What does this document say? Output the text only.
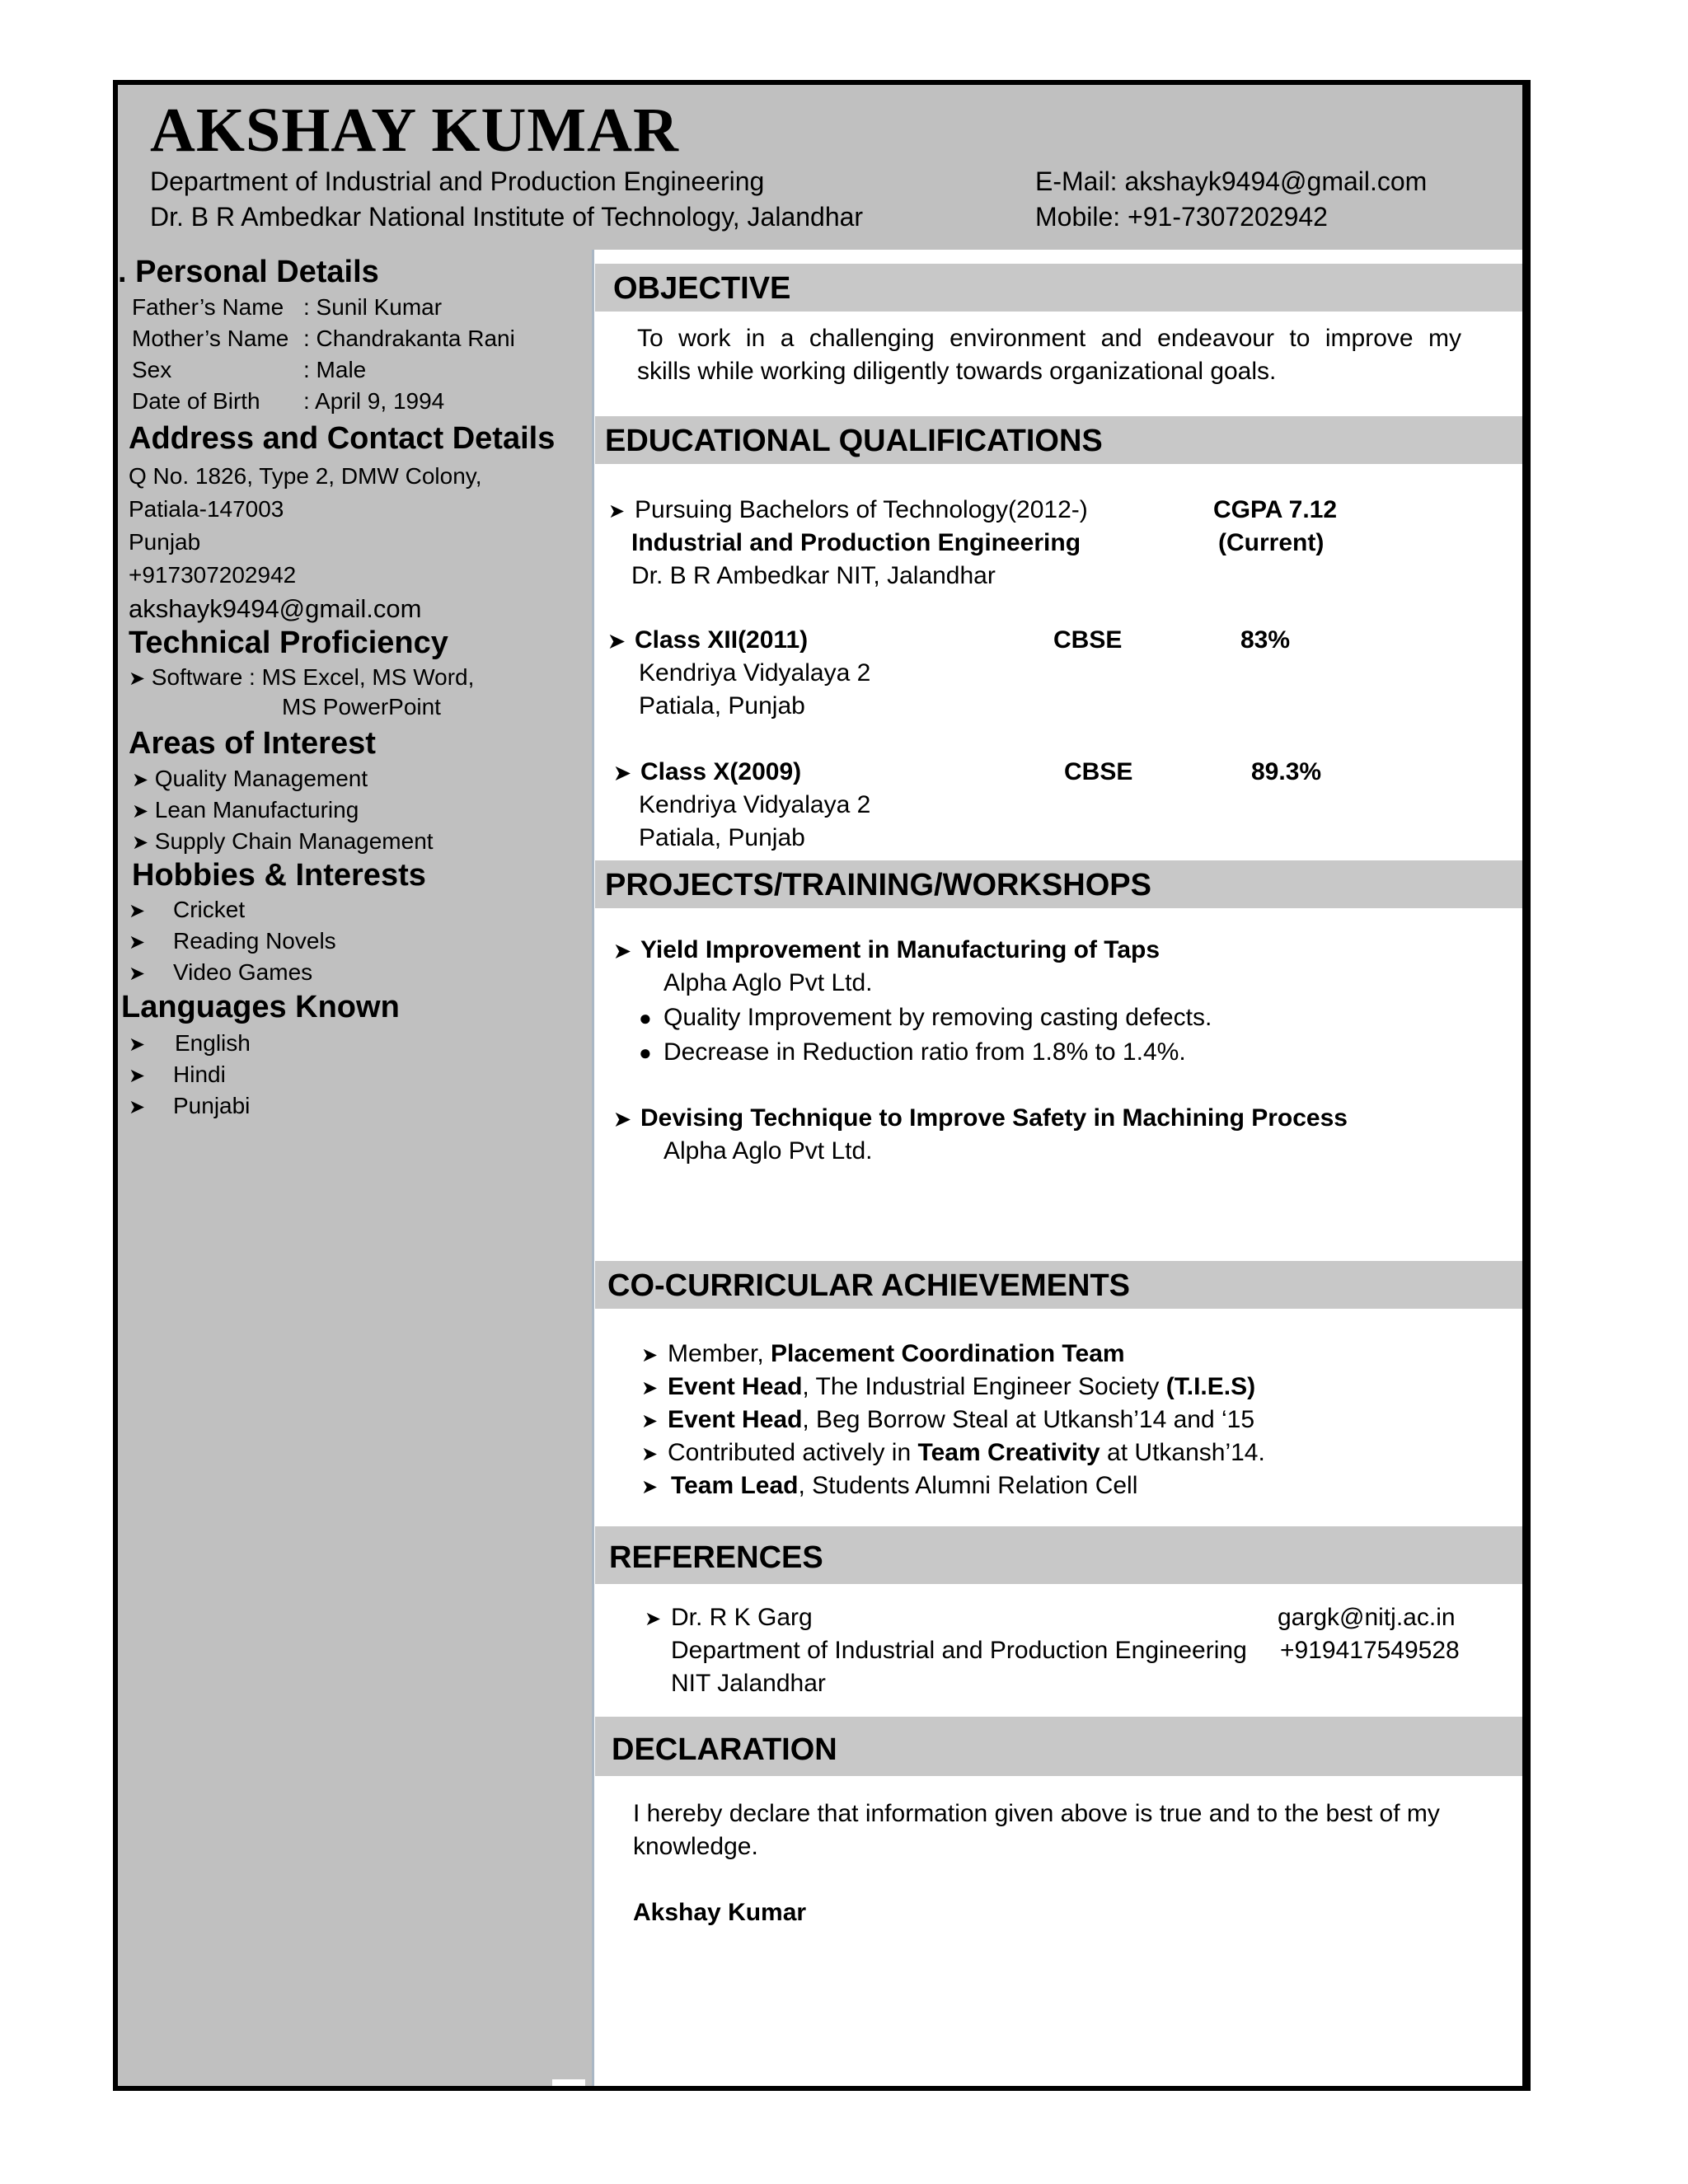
AKSHAY KUMAR
Department of Industrial and Production Engineering
Dr. B R Ambedkar National Institute of Technology, Jalandhar
E-Mail: akshayk9494@gmail.com
Mobile: +91-7307202942
. Personal Details
Father’s Name : Sunil Kumar
Mother’s Name : Chandrakanta Rani
Sex	: Male
Date of Birth : April 9, 1994
Address and Contact Details
Q No. 1826, Type 2, DMW Colony,
Patiala-147003
Punjab
+917307202942
akshayk9494@gmail.com
Technical Proficiency
➤ Software : MS Excel, MS Word,
MS PowerPoint
Areas of Interest
➤ Quality Management
➤ Lean Manufacturing
➤ Supply Chain Management
Hobbies & Interests
➤ Cricket
➤ Reading Novels
➤ Video Games
Languages Known
➤ English
➤ Hindi
➤ Punjabi
OBJECTIVE
To work in a challenging environment and endeavour to improve my
skills while working diligently towards organizational goals.
EDUCATIONAL QUALIFICATIONS
➤ Pursuing Bachelors of Technology(2012-)
Industrial and Production Engineering
Dr. B R Ambedkar NIT, Jalandhar
CGPA 7.12
(Current)
➤ Class XII(2011)	CBSE	83%
Kendriya Vidyalaya 2
Patiala, Punjab
➤ Class X(2009)	CBSE	89.3%
Kendriya Vidyalaya 2
Patiala, Punjab
PROJECTS/TRAINING/WORKSHOPS
➤ Yield Improvement in Manufacturing of Taps
Alpha Aglo Pvt Ltd.
● Quality Improvement by removing casting defects.
● Decrease in Reduction ratio from 1.8% to 1.4%.
➤ Devising Technique to Improve Safety in Machining Process
Alpha Aglo Pvt Ltd.
CO-CURRICULAR ACHIEVEMENTS
➤ Member, Placement Coordination Team
➤ Event Head, The Industrial Engineer Society (T.I.E.S)
➤ Event Head, Beg Borrow Steal at Utkansh’14 and ‘15
➤ Contributed actively in Team Creativity at Utkansh’14.
➤ Team Lead, Students Alumni Relation Cell
REFERENCES
➤ Dr. R K Garg
Department of Industrial and Production Engineering
NIT Jalandhar
gargk@nitj.ac.in
+919417549528
DECLARATION
I hereby declare that information given above is true and to the best of my
knowledge.
Akshay Kumar
